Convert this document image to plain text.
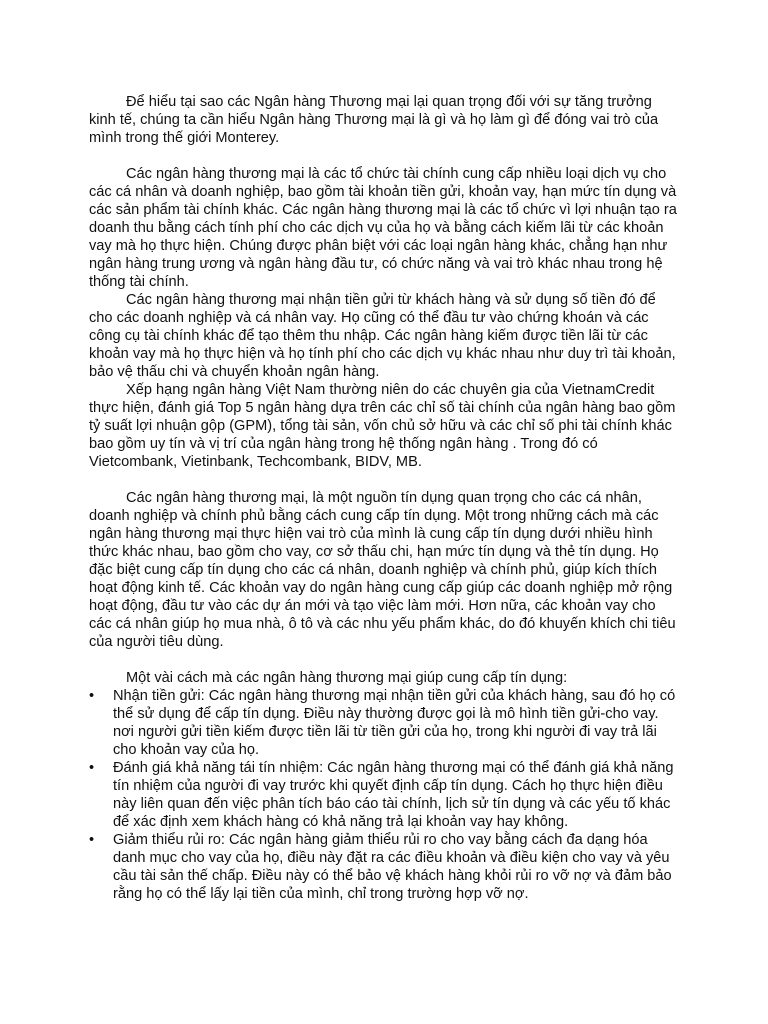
Để hiểu tại sao các Ngân hàng Thương mại lại quan trọng đối với sự tăng trưởng kinh tế, chúng ta cần hiểu Ngân hàng Thương mại là gì và họ làm gì để đóng vai trò của mình trong thế giới Monterey.

Các ngân hàng thương mại là các tổ chức tài chính cung cấp nhiều loại dịch vụ cho các cá nhân và doanh nghiệp, bao gồm tài khoản tiền gửi, khoản vay, hạn mức tín dụng và các sản phẩm tài chính khác. Các ngân hàng thương mại là các tổ chức vì lợi nhuận tạo ra doanh thu bằng cách tính phí cho các dịch vụ của họ và bằng cách kiếm lãi từ các khoản vay mà họ thực hiện. Chúng được phân biệt với các loại ngân hàng khác, chẳng hạn như ngân hàng trung ương và ngân hàng đầu tư, có chức năng và vai trò khác nhau trong hệ thống tài chính.

Các ngân hàng thương mại nhận tiền gửi từ khách hàng và sử dụng số tiền đó để cho các doanh nghiệp và cá nhân vay. Họ cũng có thể đầu tư vào chứng khoán và các công cụ tài chính khác để tạo thêm thu nhập. Các ngân hàng kiếm được tiền lãi từ các khoản vay mà họ thực hiện và họ tính phí cho các dịch vụ khác nhau như duy trì tài khoản, bảo vệ thấu chi và chuyển khoản ngân hàng.

Xếp hạng ngân hàng Việt Nam thường niên do các chuyên gia của VietnamCredit thực hiện, đánh giá Top 5 ngân hàng dựa trên các chỉ số tài chính của ngân hàng bao gồm tỷ suất lợi nhuận gộp (GPM), tổng tài sản, vốn chủ sở hữu và các chỉ số phi tài chính khác bao gồm uy tín và vị trí của ngân hàng trong hệ thống ngân hàng . Trong đó có Vietcombank, Vietinbank, Techcombank, BIDV, MB.

Các ngân hàng thương mại, là một nguồn tín dụng quan trọng cho các cá nhân, doanh nghiệp và chính phủ bằng cách cung cấp tín dụng. Một trong những cách mà các ngân hàng thương mại thực hiện vai trò của mình là cung cấp tín dụng dưới nhiều hình thức khác nhau, bao gồm cho vay, cơ sở thấu chi, hạn mức tín dụng và thẻ tín dụng. Họ đặc biệt cung cấp tín dụng cho các cá nhân, doanh nghiệp và chính phủ, giúp kích thích hoạt động kinh tế. Các khoản vay do ngân hàng cung cấp giúp các doanh nghiệp mở rộng hoạt động, đầu tư vào các dự án mới và tạo việc làm mới. Hơn nữa, các khoản vay cho các cá nhân giúp họ mua nhà, ô tô và các nhu yếu phẩm khác, do đó khuyến khích chi tiêu của người tiêu dùng.

Một vài cách mà các ngân hàng thương mại giúp cung cấp tín dụng:

• Nhận tiền gửi: Các ngân hàng thương mại nhận tiền gửi của khách hàng, sau đó họ có thể sử dụng để cấp tín dụng. Điều này thường được gọi là mô hình tiền gửi-cho vay. nơi người gửi tiền kiếm được tiền lãi từ tiền gửi của họ, trong khi người đi vay trả lãi cho khoản vay của họ.
• Đánh giá khả năng tái tín nhiệm: Các ngân hàng thương mại có thể đánh giá khả năng tín nhiệm của người đi vay trước khi quyết định cấp tín dụng. Cách họ thực hiện điều này liên quan đến việc phân tích báo cáo tài chính, lịch sử tín dụng và các yếu tố khác để xác định xem khách hàng có khả năng trả lại khoản vay hay không.
• Giảm thiểu rủi ro: Các ngân hàng giảm thiểu rủi ro cho vay bằng cách đa dạng hóa danh mục cho vay của họ, điều này đặt ra các điều khoản và điều kiện cho vay và yêu cầu tài sản thế chấp. Điều này có thể bảo vệ khách hàng khỏi rủi ro vỡ nợ và đảm bảo rằng họ có thể lấy lại tiền của mình, chỉ trong trường hợp vỡ nợ.
